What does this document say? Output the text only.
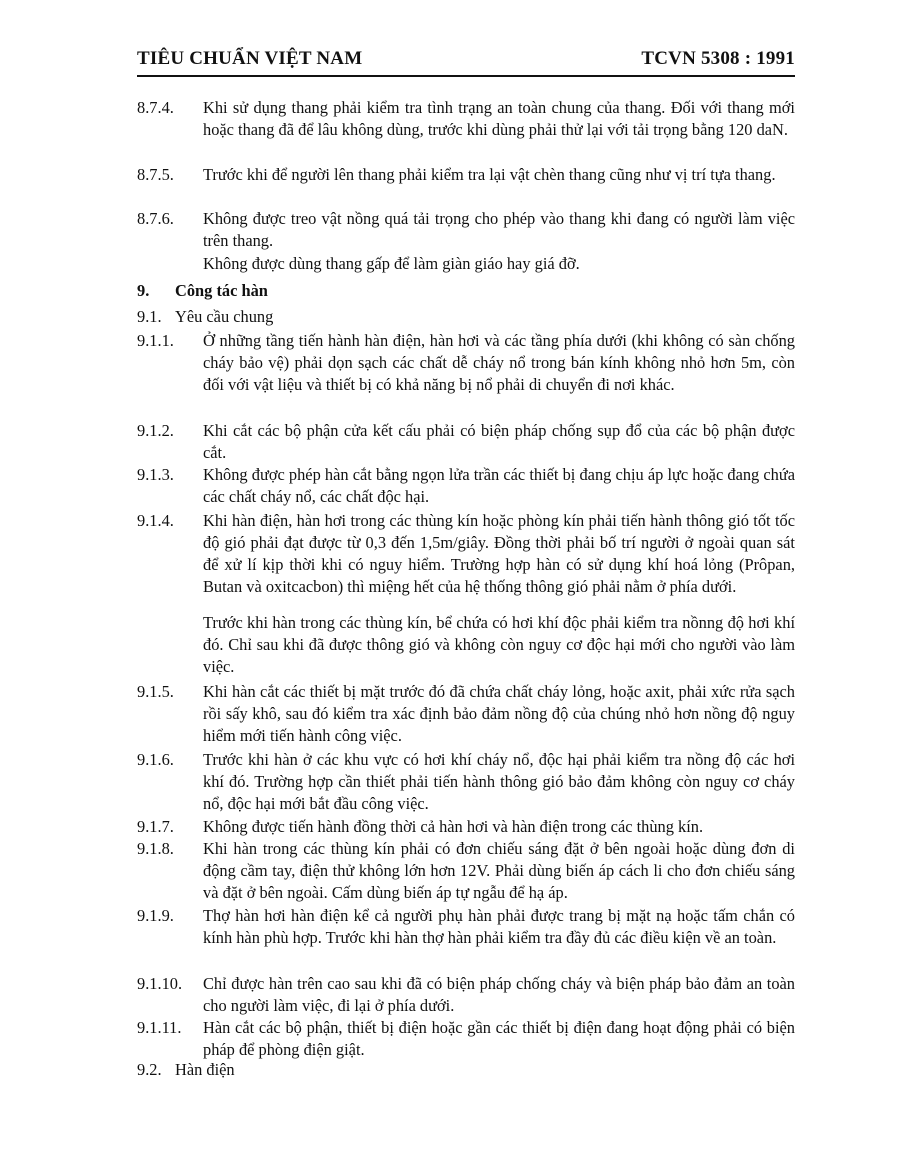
TIÊU CHUẨN VIỆT NAM	TCVN 5308 : 1991
8.7.4. Khi sử dụng thang phải kiểm tra tình trạng an toàn chung của thang. Đối với thang mới hoặc thang đã để lâu không dùng, trước khi dùng phải thử lại với tải trọng bằng 120 daN.
8.7.5. Trước khi để người lên thang phải kiểm tra lại vật chèn thang cũng như vị trí tựa thang.
8.7.6. Không được treo vật nồng quá tải trọng cho phép vào thang khi đang có người làm việc trên thang.
Không được dùng thang gấp để làm giàn giáo hay giá đỡ.
9. Công tác hàn
9.1. Yêu cầu chung
9.1.1. Ở những tầng tiến hành hàn điện, hàn hơi và các tầng phía dưới (khi không có sàn chống cháy bảo vệ) phải dọn sạch các chất dễ cháy nổ trong bán kính không nhỏ hơn 5m, còn đối với vật liệu và thiết bị có khả năng bị nổ phải di chuyển đi nơi khác.
9.1.2. Khi cắt các bộ phận cửa kết cấu phải có biện pháp chống sụp đổ của các bộ phận được cắt.
9.1.3. Không được phép hàn cắt bằng ngọn lửa trần các thiết bị đang chịu áp lực hoặc đang chứa các chất cháy nổ, các chất độc hại.
9.1.4. Khi hàn điện, hàn hơi trong các thùng kín hoặc phòng kín phải tiến hành thông gió tốt tốc độ gió phải đạt được từ 0,3 đến 1,5m/giây. Đồng thời phải bố trí người ở ngoài quan sát để xử lí kịp thời khi có nguy hiểm. Trường hợp hàn có sử dụng khí hoá lỏng (Prôpan, Butan và oxitcacbon) thì miệng hết của hệ thống thông gió phải nằm ở phía dưới.
Trước khi hàn trong các thùng kín, bể chứa có hơi khí độc phải kiểm tra nồnng độ hơi khí đó. Chỉ sau khi đã được thông gió và không còn nguy cơ độc hại mới cho người vào làm việc.
9.1.5. Khi hàn cắt các thiết bị mặt trước đó đã chứa chất cháy lỏng, hoặc axit, phải xức rửa sạch rồi sấy khô, sau đó kiểm tra xác định bảo đảm nồng độ của chúng nhỏ hơn nồng độ nguy hiểm mới tiến hành công việc.
9.1.6. Trước khi hàn ở các khu vực có hơi khí cháy nổ, độc hại phải kiểm tra nồng độ các hơi khí đó. Trường hợp cần thiết phải tiến hành thông gió bảo đảm không còn nguy cơ cháy nổ, độc hại mới bắt đầu công việc.
9.1.7. Không được tiến hành đồng thời cả hàn hơi và hàn điện trong các thùng kín.
9.1.8. Khi hàn trong các thùng kín phải có đơn chiếu sáng đặt ở bên ngoài hoặc dùng đơn di động cầm tay, điện thử không lớn hơn 12V. Phải dùng biến áp cách li cho đơn chiếu sáng và đặt ở bên ngoài. Cấm dùng biến áp tự ngẫu để hạ áp.
9.1.9. Thợ hàn hơi hàn điện kể cả người phụ hàn phải được trang bị mặt nạ hoặc tấm chắn có kính hàn phù hợp. Trước khi hàn thợ hàn phải kiểm tra đầy đủ các điều kiện về an toàn.
9.1.10. Chỉ được hàn trên cao sau khi đã có biện pháp chống cháy và biện pháp bảo đảm an toàn cho người làm việc, đi lại ở phía dưới.
9.1.11. Hàn cắt các bộ phận, thiết bị điện hoặc gần các thiết bị điện đang hoạt động phải có biện pháp để phòng điện giật.
9.2. Hàn điện
